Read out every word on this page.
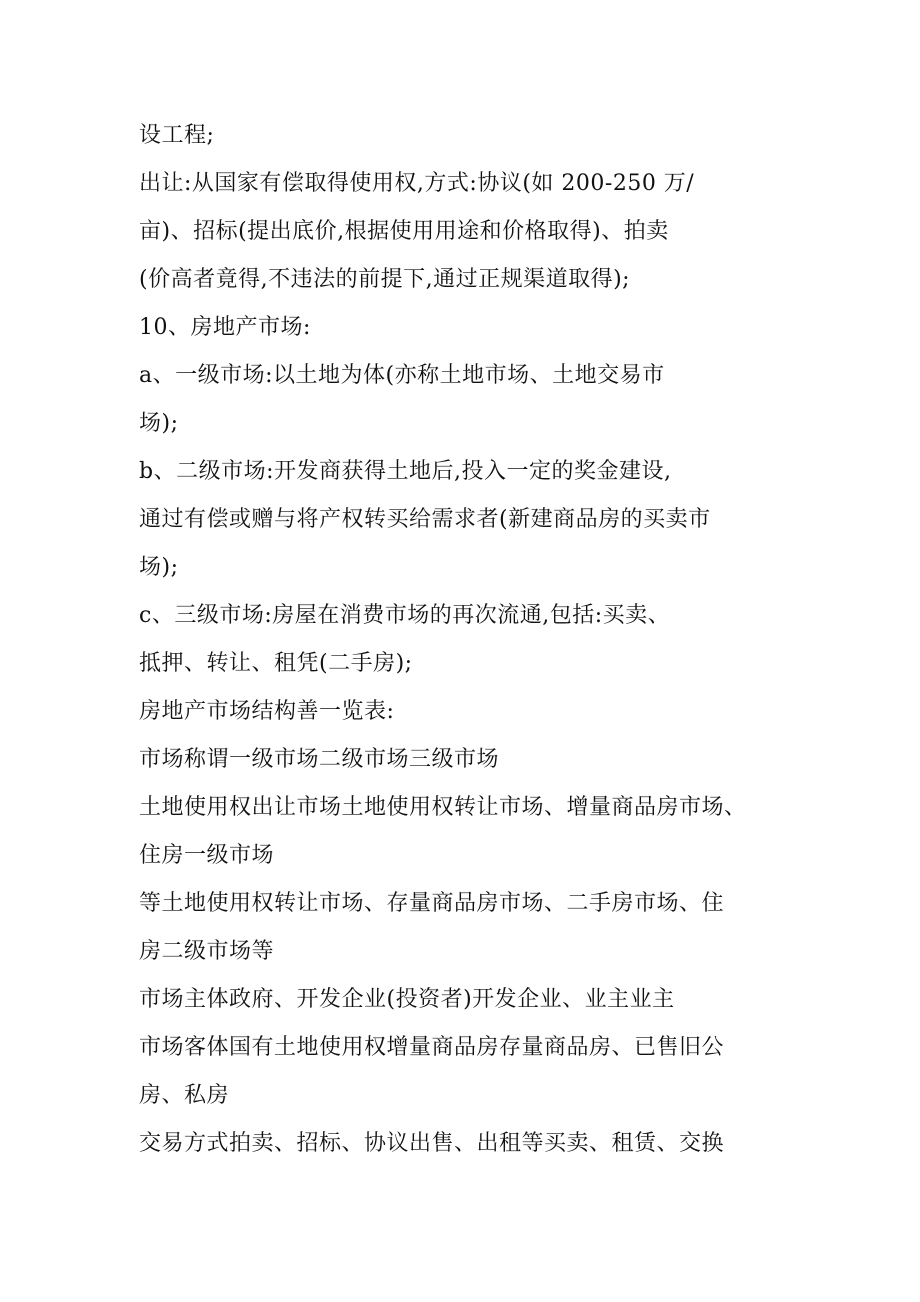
设工程;
出让:从国家有偿取得使用权,方式:协议(如 200-250 万/
亩)、招标(提出底价,根据使用用途和价格取得)、拍卖
(价高者竟得,不违法的前提下,通过正规渠道取得);
10、房地产市场:
a、一级市场:以土地为体(亦称土地市场、土地交易市
场);
b、二级市场:开发商获得土地后,投入一定的奖金建设,
通过有偿或赠与将产权转买给需求者(新建商品房的买卖市
场);
c、三级市场:房屋在消费市场的再次流通,包括:买卖、
抵押、转让、租凭(二手房);
房地产市场结构善一览表:
市场称谓一级市场二级市场三级市场
土地使用权出让市场土地使用权转让市场、增量商品房市场、
住房一级市场
等土地使用权转让市场、存量商品房市场、二手房市场、住
房二级市场等
市场主体政府、开发企业(投资者)开发企业、业主业主
市场客体国有土地使用权增量商品房存量商品房、已售旧公
房、私房
交易方式拍卖、招标、协议出售、出租等买卖、租赁、交换
